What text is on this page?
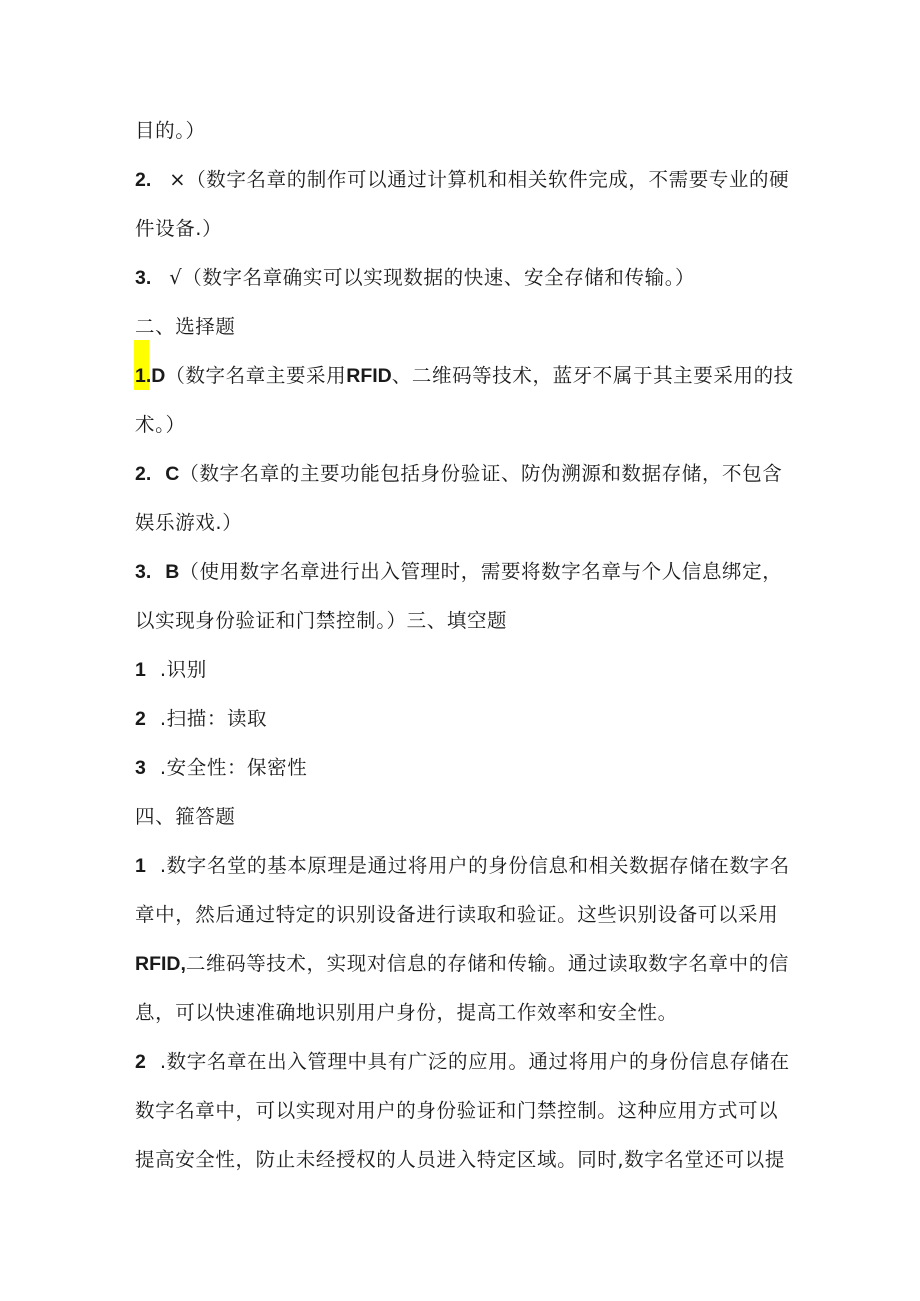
目的。）
2. ×（数字名章的制作可以通过计算机和相关软件完成，不需要专业的硬
件设备.）
3. √（数字名章确实可以实现数据的快速、安全存储和传输。）
二、选择题
1.D（数字名章主要采用RFID、二维码等技术，蓝牙不属于其主要采用的技
术。）
2. C（数字名章的主要功能包括身份验证、防伪溯源和数据存储，不包含
娱乐游戏.）
3. B（使用数字名章进行出入管理时，需要将数字名章与个人信息绑定，
以实现身份验证和门禁控制。）三、填空题
1 .识别
2 .扫描：读取
3 .安全性：保密性
四、箍答题
1 .数字名堂的基本原理是通过将用户的身份信息和相关数据存储在数字名
章中，然后通过特定的识别设备进行读取和验证。这些识别设备可以采用
RFID,二维码等技术，实现对信息的存储和传输。通过读取数字名章中的信
息，可以快速准确地识别用户身份，提高工作效率和安全性。
2 .数字名章在出入管理中具有广泛的应用。通过将用户的身份信息存储在
数字名章中，可以实现对用户的身份验证和门禁控制。这种应用方式可以
提高安全性，防止未经授权的人员进入特定区域。同时,数字名堂还可以提
